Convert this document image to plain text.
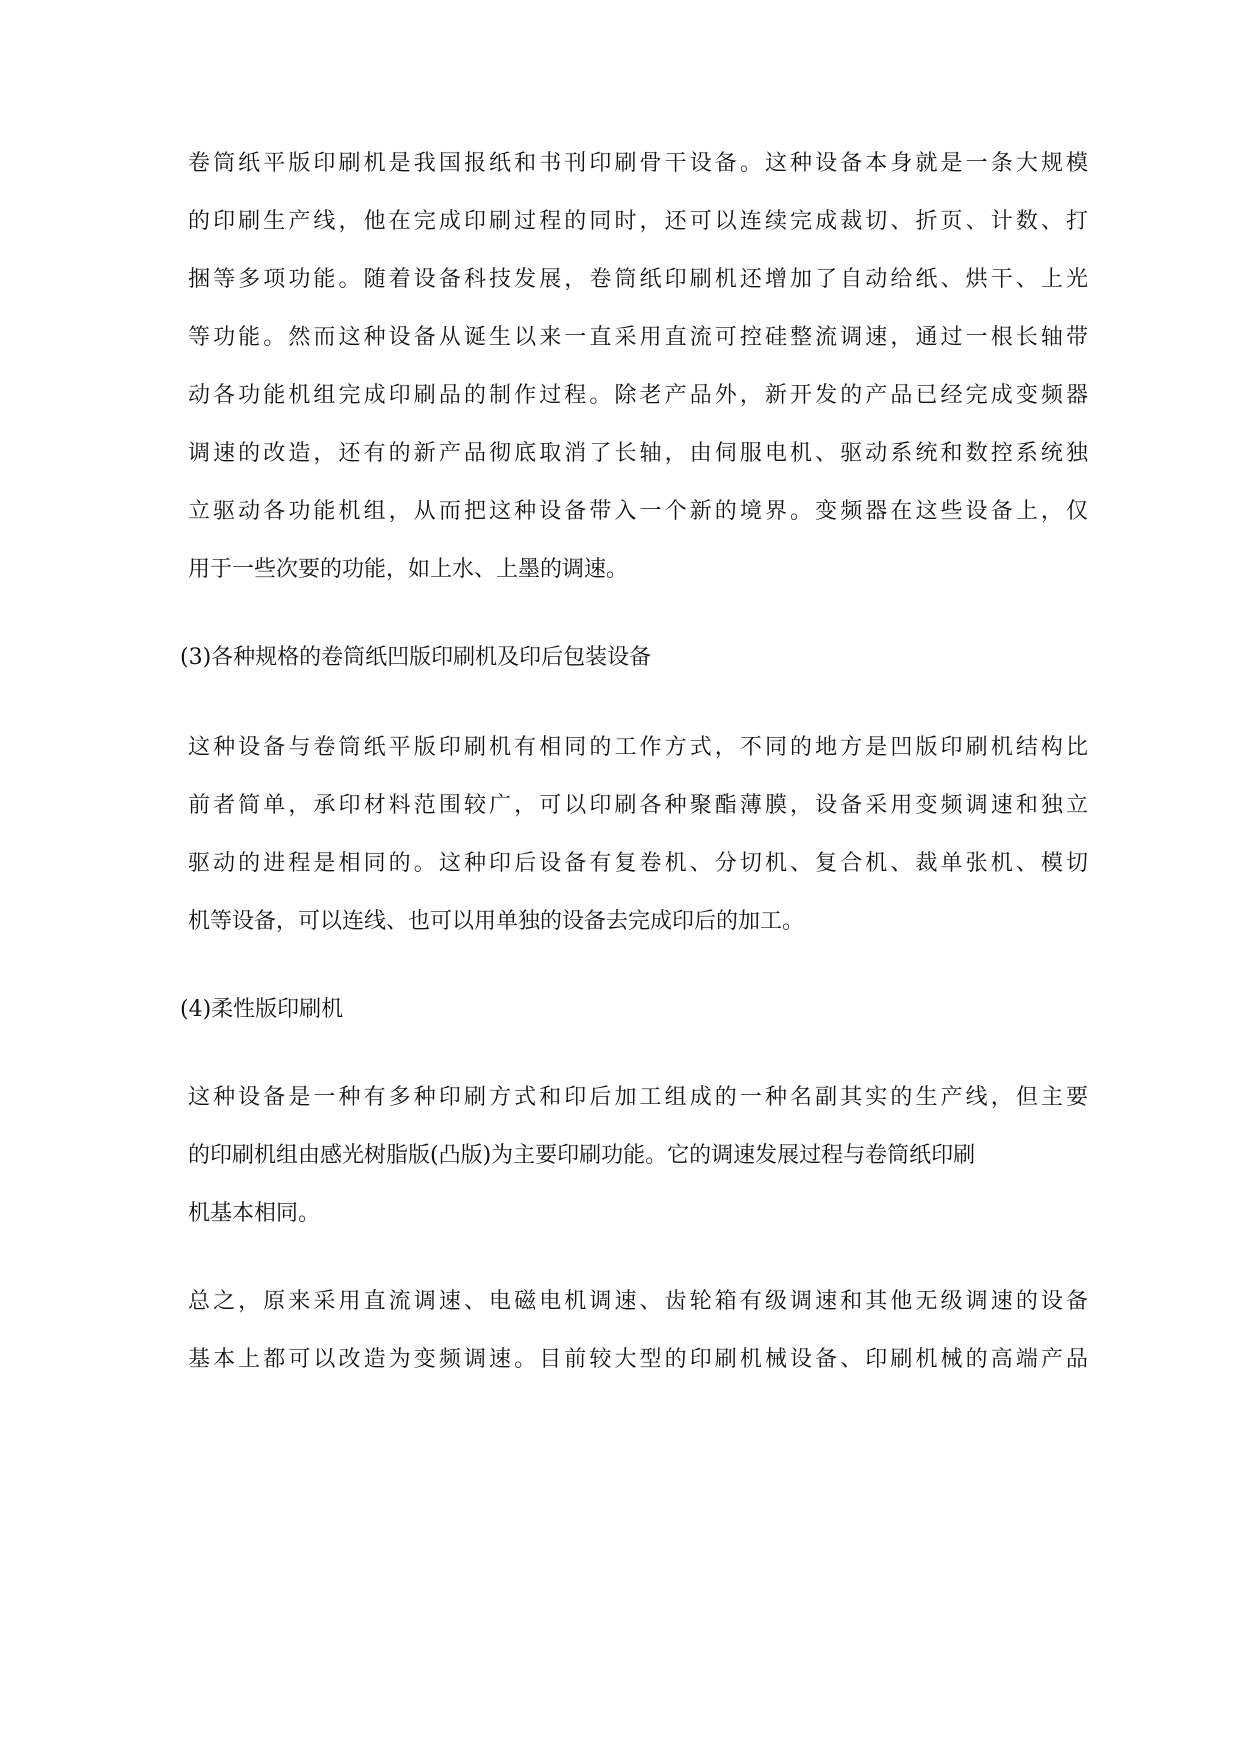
卷筒纸平版印刷机是我国报纸和书刊印刷骨干设备。这种设备本身就是一条大规模
的印刷生产线，他在完成印刷过程的同时，还可以连续完成裁切、折页、计数、打
捆等多项功能。随着设备科技发展，卷筒纸印刷机还增加了自动给纸、烘干、上光
等功能。然而这种设备从诞生以来一直采用直流可控硅整流调速，通过一根长轴带
动各功能机组完成印刷品的制作过程。除老产品外，新开发的产品已经完成变频器
调速的改造，还有的新产品彻底取消了长轴，由伺服电机、驱动系统和数控系统独
立驱动各功能机组，从而把这种设备带入一个新的境界。变频器在这些设备上，仅
用于一些次要的功能，如上水、上墨的调速。
(3)各种规格的卷筒纸凹版印刷机及印后包装设备
这种设备与卷筒纸平版印刷机有相同的工作方式，不同的地方是凹版印刷机结构比
前者简单，承印材料范围较广，可以印刷各种聚酯薄膜，设备采用变频调速和独立
驱动的进程是相同的。这种印后设备有复卷机、分切机、复合机、裁单张机、模切
机等设备，可以连线、也可以用单独的设备去完成印后的加工。
(4)柔性版印刷机
这种设备是一种有多种印刷方式和印后加工组成的一种名副其实的生产线，但主要
的印刷机组由感光树脂版(凸版)为主要印刷功能。它的调速发展过程与卷筒纸印刷
机基本相同。
总之，原来采用直流调速、电磁电机调速、齿轮箱有级调速和其他无级调速的设备
基本上都可以改造为变频调速。目前较大型的印刷机械设备、印刷机械的高端产品
